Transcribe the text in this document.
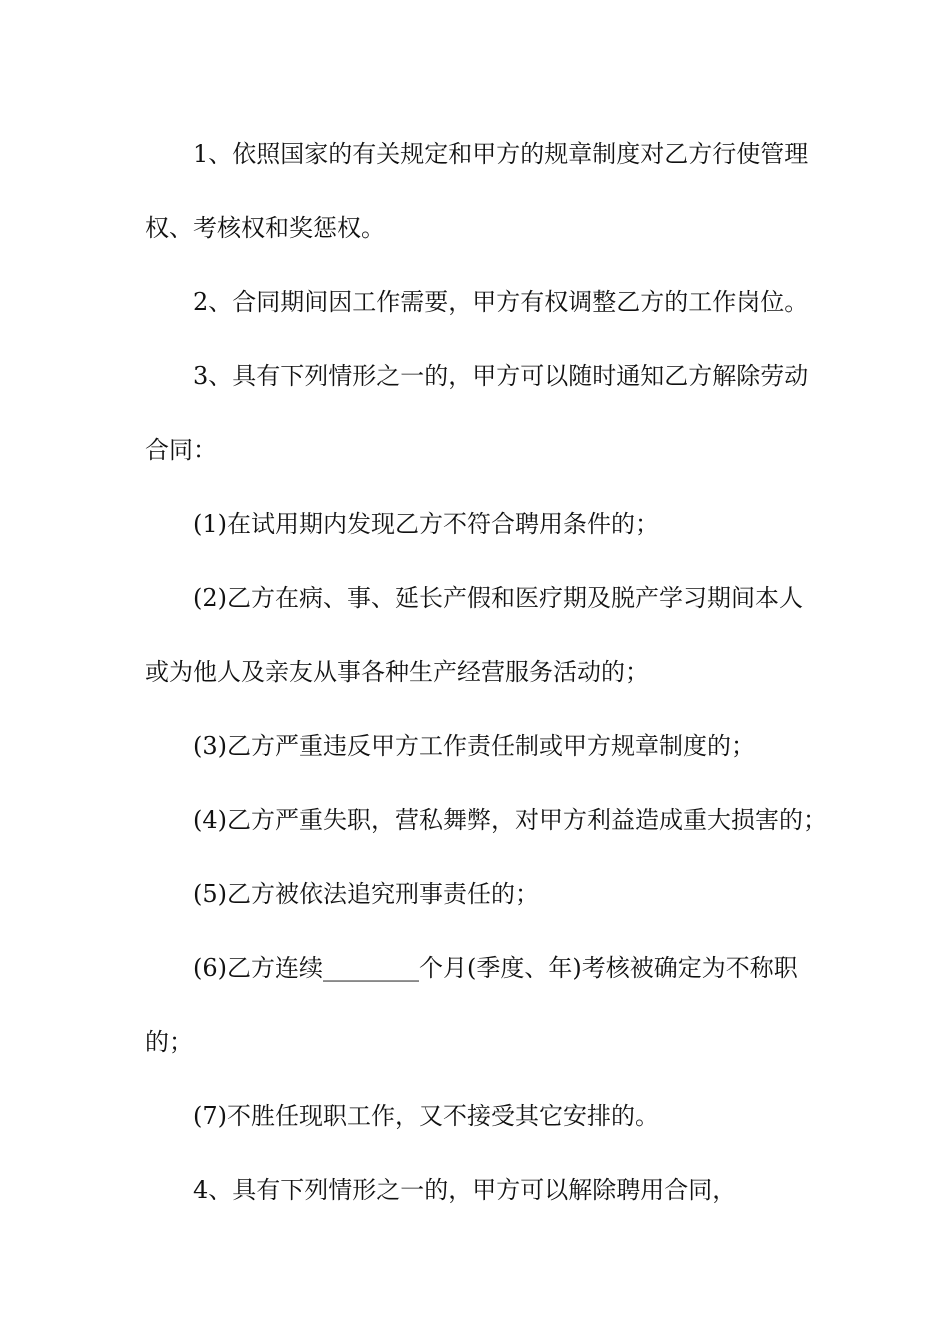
1、依照国家的有关规定和甲方的规章制度对乙方行使管理
权、考核权和奖惩权。
2、合同期间因工作需要，甲方有权调整乙方的工作岗位。
3、具有下列情形之一的，甲方可以随时通知乙方解除劳动
合同：
(1)在试用期内发现乙方不符合聘用条件的；
(2)乙方在病、事、延长产假和医疗期及脱产学习期间本人
或为他人及亲友从事各种生产经营服务活动的；
(3)乙方严重违反甲方工作责任制或甲方规章制度的；
(4)乙方严重失职，营私舞弊，对甲方利益造成重大损害的；
(5)乙方被依法追究刑事责任的；
(6)乙方连续________个月(季度、年)考核被确定为不称职
的；
(7)不胜任现职工作，又不接受其它安排的。
4、具有下列情形之一的，甲方可以解除聘用合同，
